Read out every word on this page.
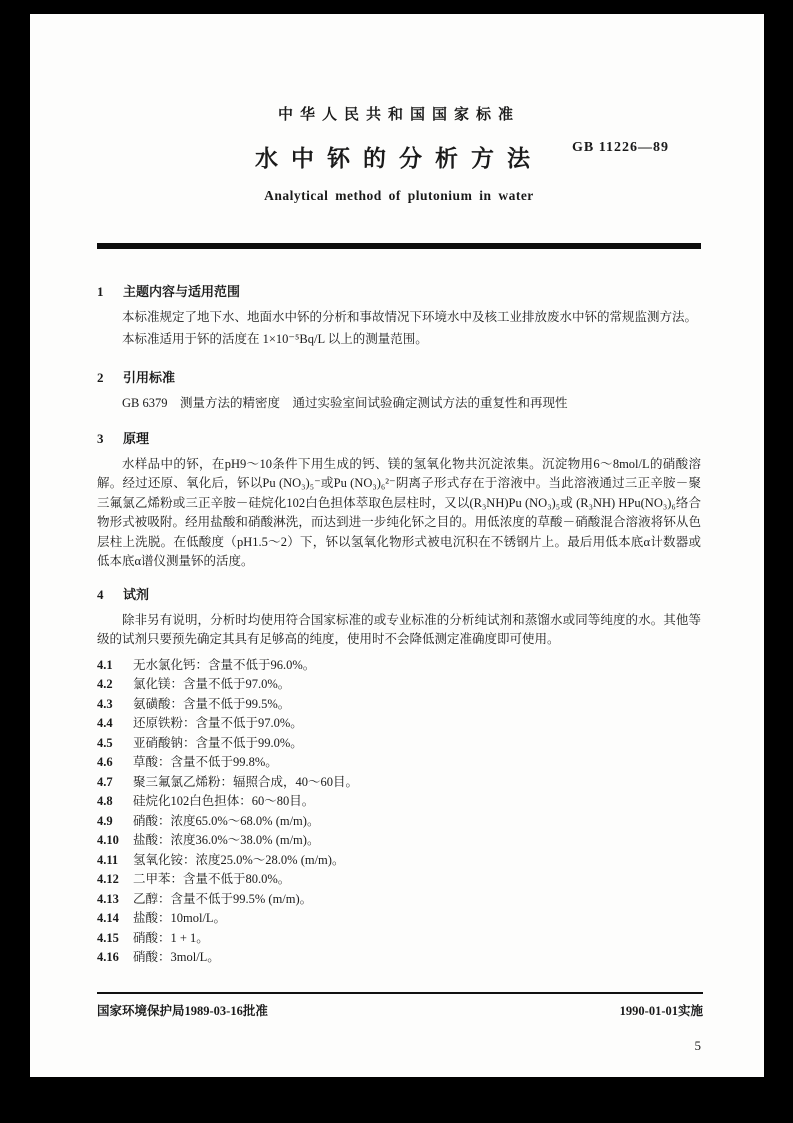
中华人民共和国国家标准
GB 11226—89
水中钚的分析方法
Analytical method of plutonium in water
1 主题内容与适用范围
本标准规定了地下水、地面水中钚的分析和事故情况下环境水中及核工业排放废水中钚的常规监测方法。
本标准适用于钚的活度在 1×10⁻⁵Bq/L 以上的测量范围。
2 引用标准
GB 6379　测量方法的精密度　通过实验室间试验确定测试方法的重复性和再现性
3 原理
水样品中的钚，在pH9～10条件下用生成的钙、镁的氢氧化物共沉淀浓集。沉淀物用6～8mol/L的硝酸溶解。经过还原、氧化后，钚以Pu (NO₃)₅⁻或Pu (NO₃)₆²⁻阴离子形式存在于溶液中。当此溶液通过三正辛胺－聚三氟氯乙烯粉或三正辛胺－硅烷化102白色担体萃取色层柱时，又以(R₃NH)Pu (NO₃)₅或 (R₃NH) HPu(NO₃)₆络合物形式被吸附。经用盐酸和硝酸淋洗，而达到进一步纯化钚之目的。用低浓度的草酸－硝酸混合溶液将钚从色层柱上洗脱。在低酸度（pH1.5～2）下，钚以氢氧化物形式被电沉积在不锈钢片上。最后用低本底α计数器或低本底α谱仪测量钚的活度。
4 试剂
除非另有说明，分析时均使用符合国家标准的或专业标准的分析纯试剂和蒸馏水或同等纯度的水。其他等级的试剂只要预先确定其具有足够高的纯度，使用时不会降低测定准确度即可使用。
4.1	无水氯化钙：含量不低于96.0%。
4.2	氯化镁：含量不低于97.0%。
4.3	氨磺酸：含量不低于99.5%。
4.4	还原铁粉：含量不低于97.0%。
4.5	亚硝酸钠：含量不低于99.0%。
4.6	草酸：含量不低于99.8%。
4.7	聚三氟氯乙烯粉：辐照合成，40～60目。
4.8	硅烷化102白色担体：60～80目。
4.9	硝酸：浓度65.0%～68.0% (m/m)。
4.10	盐酸：浓度36.0%～38.0% (m/m)。
4.11	氢氧化铵：浓度25.0%～28.0% (m/m)。
4.12	二甲苯：含量不低于80.0%。
4.13	乙醇：含量不低于99.5% (m/m)。
4.14	盐酸：10mol/L。
4.15	硝酸：1 + 1。
4.16	硝酸：3mol/L。
国家环境保护局1989-03-16批准	1990-01-01实施
5
